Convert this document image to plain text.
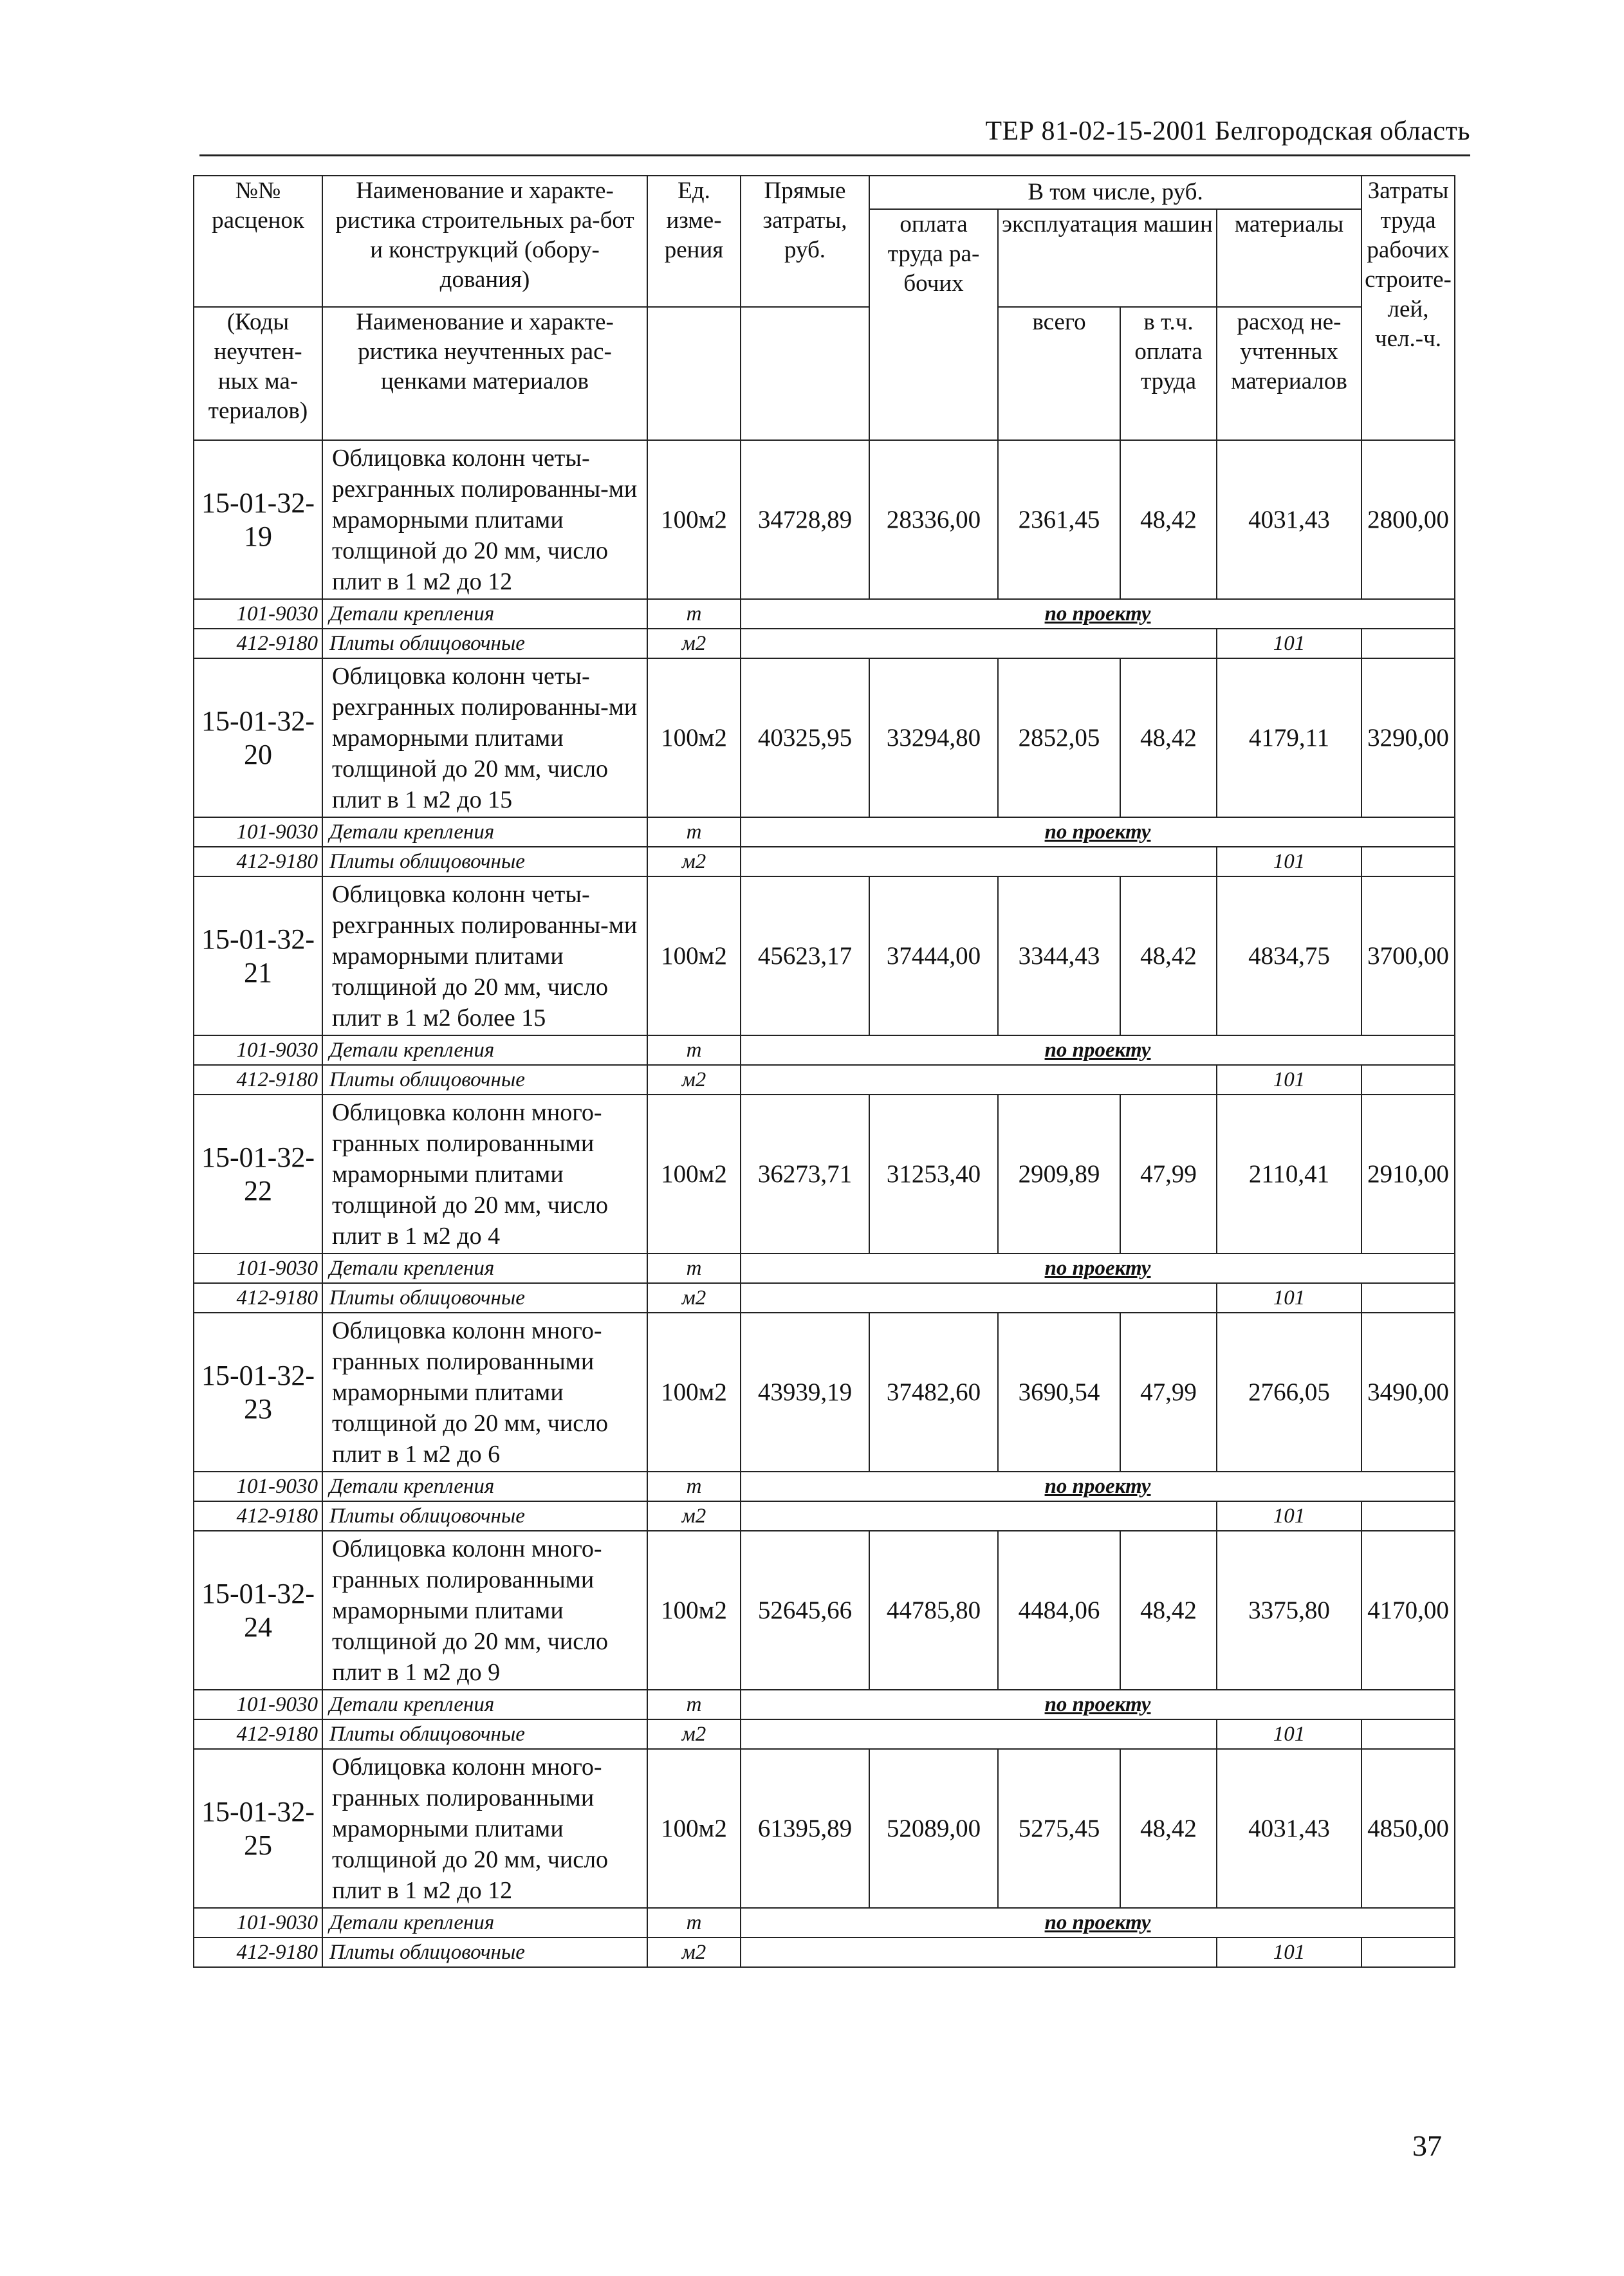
ТЕР 81-02-15-2001 Белгородская область
№№ расценок	Наименование и характе-ристика строительных ра-бот и конструкций (обору-дования)	Ед. изме-рения	Прямые затраты, руб.	В том числе, руб.				Затраты труда рабочих строите-лей, чел.-ч.	
				оплата труда ра-бочих	эксплуатация машин		материалы		

(Коды неучтен-ных ма-териалов)	Наименование и характе-ристика неучтенных рас-ценками материалов				всего	в т.ч. оплата труда	расход не-учтенных материалов		

15-01-32-19	Облицовка колонн четы-рехгранных полированны-ми мраморными плитами толщиной до 20 мм, число плит в 1 м2 до 12	100м2	34728,89	28336,00	2361,45	48,42	4031,43	2800,00	
101-9030	Детали крепления	т	по проекту						
412-9180	Плиты облицовочные	м2					101		
15-01-32-20	Облицовка колонн четы-рехгранных полированны-ми мраморными плитами толщиной до 20 мм, число плит в 1 м2 до 15	100м2	40325,95	33294,80	2852,05	48,42	4179,11	3290,00	
101-9030	Детали крепления	т	по проекту						
412-9180	Плиты облицовочные	м2					101		
15-01-32-21	Облицовка колонн четы-рехгранных полированны-ми мраморными плитами толщиной до 20 мм, число плит в 1 м2 более 15	100м2	45623,17	37444,00	3344,43	48,42	4834,75	3700,00	
101-9030	Детали крепления	т	по проекту						
412-9180	Плиты облицовочные	м2					101		
15-01-32-22	Облицовка колонн много-гранных полированными мраморными плитами толщиной до 20 мм, число плит в 1 м2 до 4	100м2	36273,71	31253,40	2909,89	47,99	2110,41	2910,00	
101-9030	Детали крепления	т	по проекту						
412-9180	Плиты облицовочные	м2					101		
15-01-32-23	Облицовка колонн много-гранных полированными мраморными плитами толщиной до 20 мм, число плит в 1 м2 до 6	100м2	43939,19	37482,60	3690,54	47,99	2766,05	3490,00	
101-9030	Детали крепления	т	по проекту						
412-9180	Плиты облицовочные	м2					101		
15-01-32-24	Облицовка колонн много-гранных полированными мраморными плитами толщиной до 20 мм, число плит в 1 м2 до 9	100м2	52645,66	44785,80	4484,06	48,42	3375,80	4170,00	
101-9030	Детали крепления	т	по проекту						
412-9180	Плиты облицовочные	м2					101		
15-01-32-25	Облицовка колонн много-гранных полированными мраморными плитами толщиной до 20 мм, число плит в 1 м2 до 12	100м2	61395,89	52089,00	5275,45	48,42	4031,43	4850,00	
101-9030	Детали крепления	т	по проекту						
412-9180	Плиты облицовочные	м2					101		
37
